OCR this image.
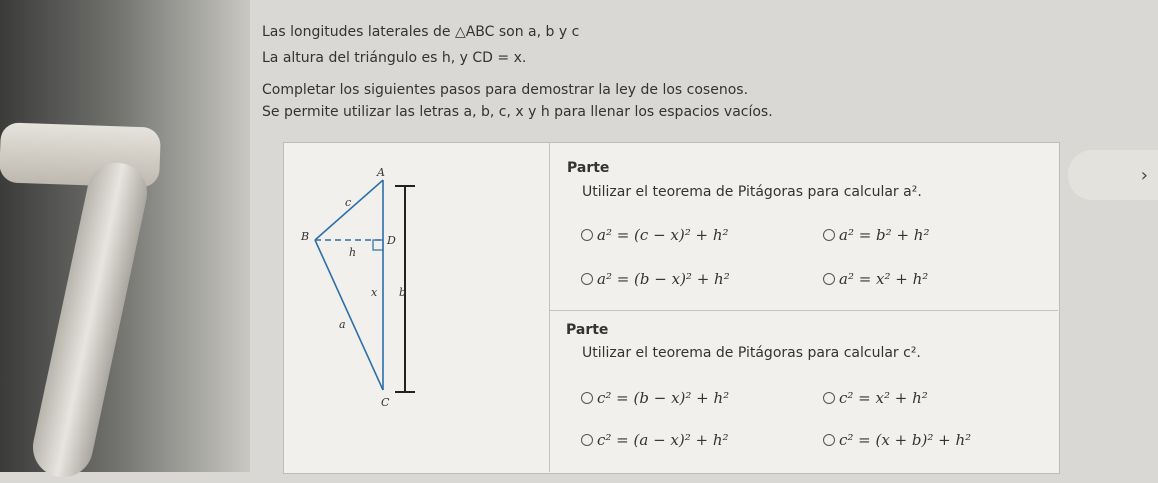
Las longitudes laterales de △ABC son a, b y c
La altura del triángulo es h, y CD = x.
Completar los siguientes pasos para demostrar la ley de los cosenos.
Se permite utilizar las letras a, b, c, x y h para llenar los espacios vacíos.
A
B
C
D
c
h
x b
a
Parte
Utilizar el teorema de Pitágoras para calcular a².
a² = (c − x)² + h²	a² = b² + h²
a² = (b − x)² + h²	a² = x² + h²
Parte
Utilizar el teorema de Pitágoras para calcular c².
c² = (b − x)² + h²	c² = x² + h²
c² = (a − x)² + h²	c² = (x + b)² + h²
›
